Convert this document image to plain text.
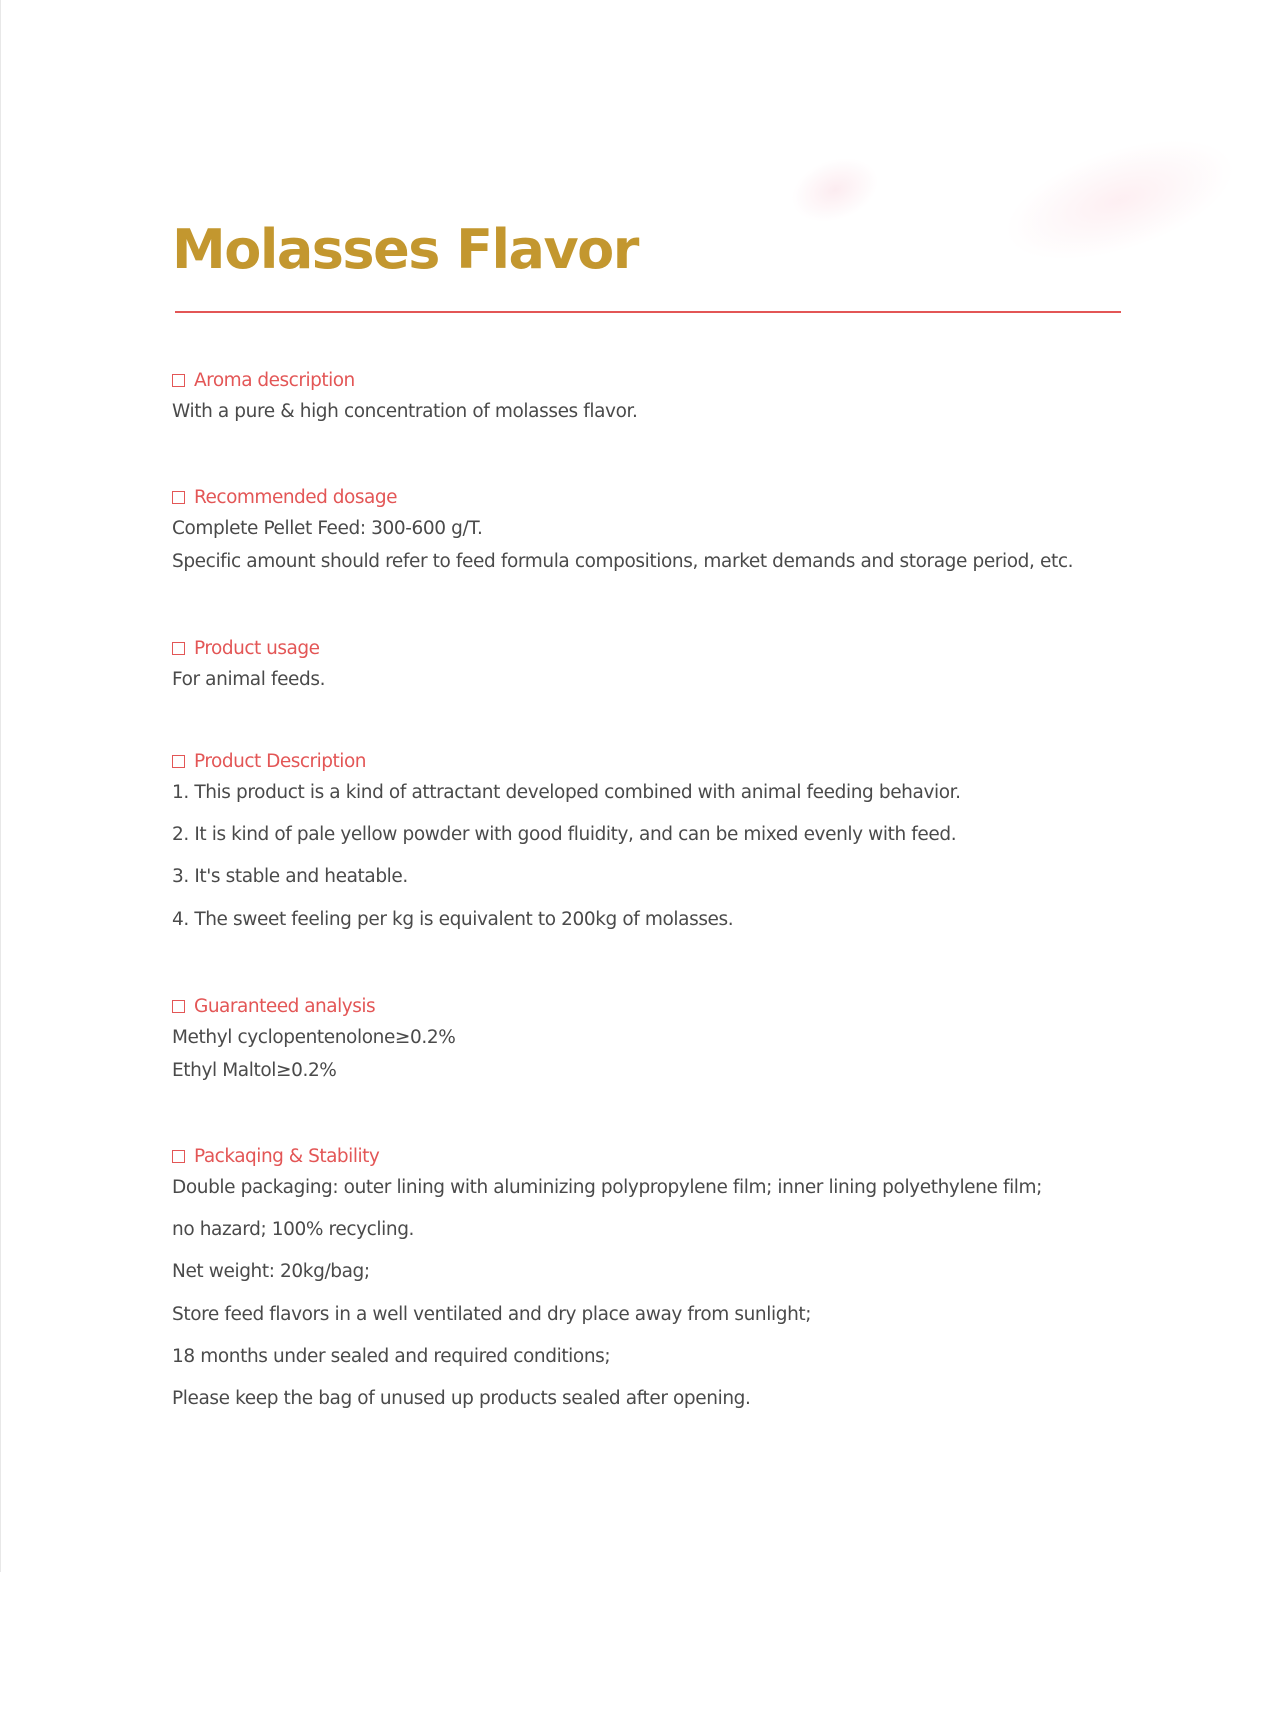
Molasses Flavor
Aroma description
With a pure & high concentration of molasses flavor.
Recommended dosage
Complete Pellet Feed: 300-600 g/T.
Specific amount should refer to feed formula compositions, market demands and storage period, etc.
Product usage
For animal feeds.
Product Description
1. This product is a kind of attractant developed combined with animal feeding behavior.
2. It is kind of pale yellow powder with good fluidity, and can be mixed evenly with feed.
3. It's stable and heatable.
4. The sweet feeling per kg is equivalent to 200kg of molasses.
Guaranteed analysis
Methyl cyclopentenolone≥0.2%
Ethyl Maltol≥0.2%
Packaqing & Stability
Double packaging: outer lining with aluminizing polypropylene film; inner lining polyethylene film;
no hazard; 100% recycling.
Net weight: 20kg/bag;
Store feed flavors in a well ventilated and dry place away from sunlight;
18 months under sealed and required conditions;
Please keep the bag of unused up products sealed after opening.
